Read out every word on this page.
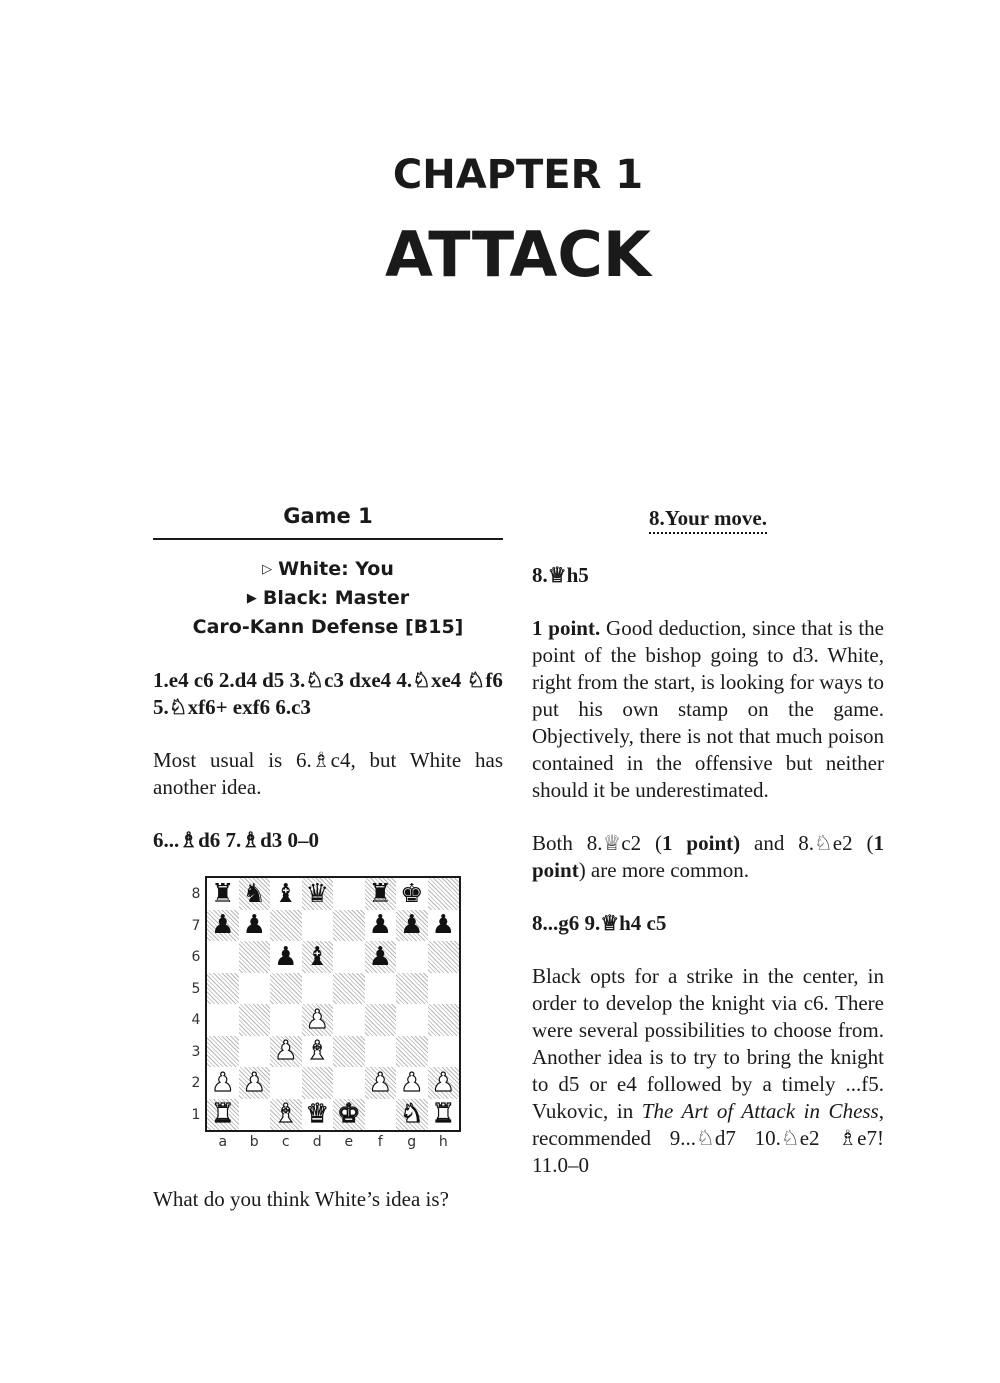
CHAPTER 1
ATTACK
Game 1
▷ White: You
▶ Black: Master
Caro-Kann Defense [B15]

1.e4 c6 2.d4 d5 3.♘c3 dxe4 4.♘xe4 ♘f6 5.♘xf6+ exf6 6.c3

Most usual is 6.♗c4, but White has another idea.

6...♗d6 7.♗d3 0–0

♜ ♞ ♝ ♛ ♜ ♚
♟ ♟	♟ ♟ ♟
♟ ♝ ♟
♟
♟ ♝
♟ ♟	♟ ♟ ♟
♜ ♝ ♛ ♚ ♞ ♜
8
7
6
5
4
3
2
1
a	b	c	d	e	f	g	h

What do you think White’s idea is?

8.Your move.

8.♕h5

1 point. Good deduction, since that is the point of the bishop going to d3. White, right from the start, is looking for ways to put his own stamp on the game. Objectively, there is not that much poison contained in the offensive but neither should it be underestimated.

Both 8.♕c2 (1 point) and 8.♘e2 (1 point) are more common.

8...g6 9.♕h4 c5

Black opts for a strike in the center, in order to develop the knight via c6. There were several possibilities to choose from. Another idea is to try to bring the knight to d5 or e4 followed by a timely ...f5. Vukovic, in The Art of Attack in Chess, recommended 9...♘d7 10.♘e2 ♗e7! 11.0–0
